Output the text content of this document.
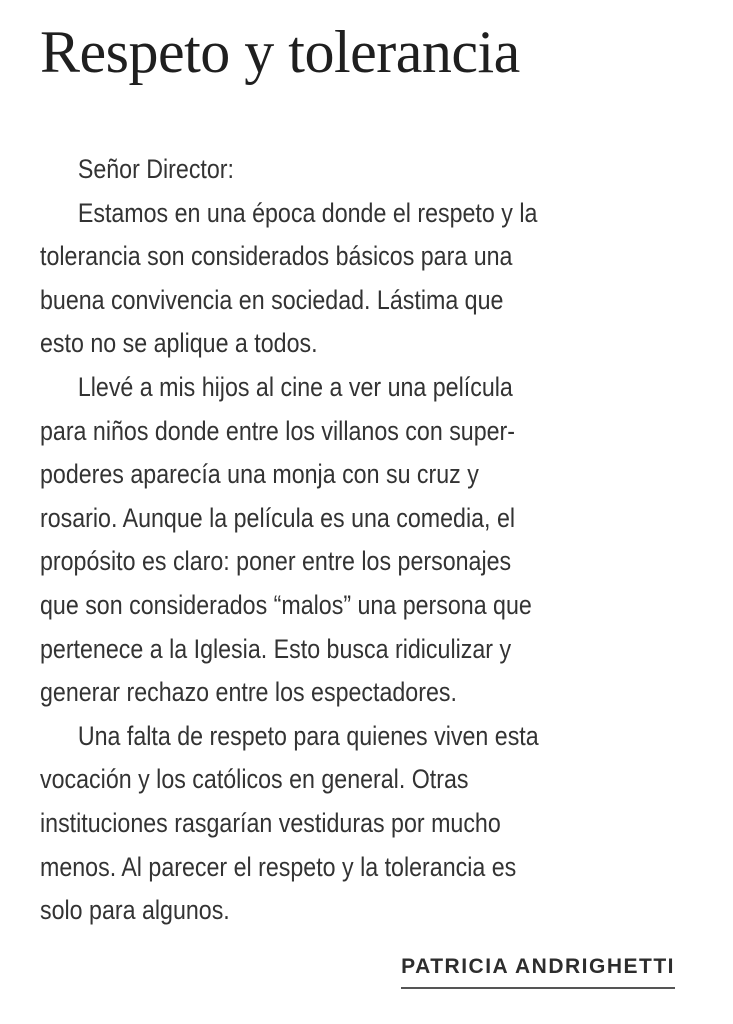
Respeto y tolerancia
Señor Director:
Estamos en una época donde el respeto y la
tolerancia son considerados básicos para una
buena convivencia en sociedad. Lástima que
esto no se aplique a todos.
Llevé a mis hijos al cine a ver una película
para niños donde entre los villanos con super-
poderes aparecía una monja con su cruz y
rosario. Aunque la película es una comedia, el
propósito es claro: poner entre los personajes
que son considerados “malos” una persona que
pertenece a la Iglesia. Esto busca ridiculizar y
generar rechazo entre los espectadores.
Una falta de respeto para quienes viven esta
vocación y los católicos en general. Otras
instituciones rasgarían vestiduras por mucho
menos. Al parecer el respeto y la tolerancia es
solo para algunos.
PATRICIA ANDRIGHETTI
